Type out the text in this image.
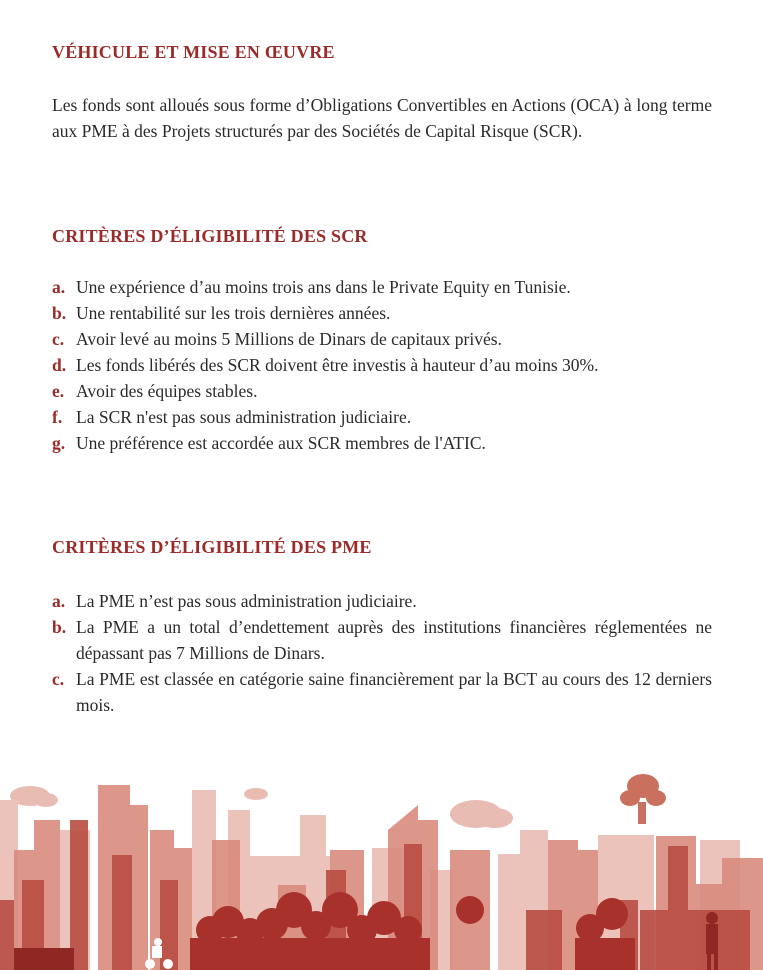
VÉHICULE ET MISE EN ŒUVRE

Les fonds sont alloués sous forme d’Obligations Convertibles en Actions (OCA) à long terme aux PME à des Projets structurés par des Sociétés de Capital Risque (SCR).

CRITÈRES D’ÉLIGIBILITÉ DES SCR
a. Une expérience d’au moins trois ans dans le Private Equity en Tunisie.
b. Une rentabilité sur les trois dernières années.
c. Avoir levé au moins 5 Millions de Dinars de capitaux privés.
d. Les fonds libérés des SCR doivent être investis à hauteur d’au moins 30%.
e. Avoir des équipes stables.
f. La SCR n'est pas sous administration judiciaire.
g. Une préférence est accordée aux SCR membres de l'ATIC.
CRITÈRES D’ÉLIGIBILITÉ DES PME
a. La PME n’est pas sous administration judiciaire.
b. La PME a un total d’endettement auprès des institutions financières réglementées ne dépassant pas 7 Millions de Dinars.
c. La PME est classée en catégorie saine financièrement par la BCT au cours des 12 derniers mois.
